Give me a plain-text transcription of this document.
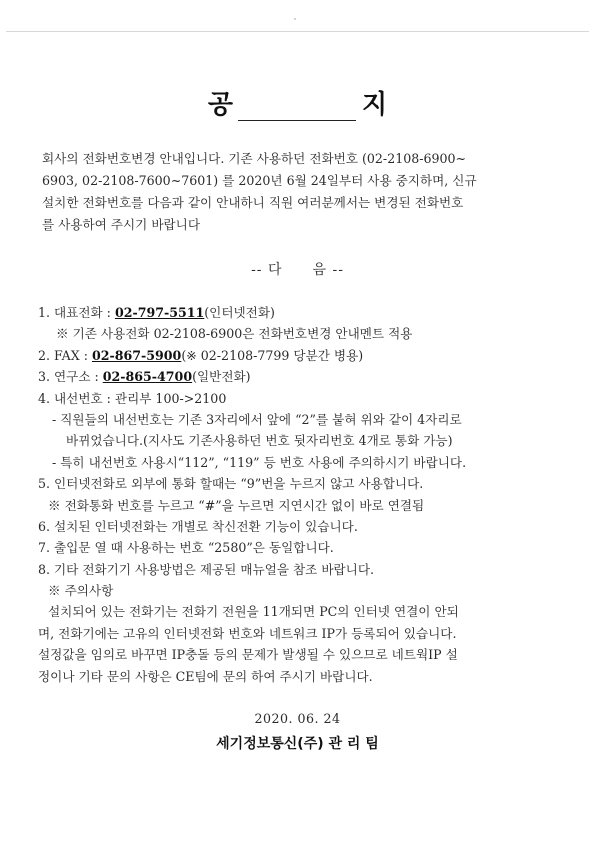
공 지
회사의 전화번호변경 안내입니다. 기존 사용하던 전화번호 (02-2108-6900~
6903, 02-2108-7600~7601) 를 2020년 6월 24일부터 사용 중지하며, 신규
설치한 전화번호를 다음과 같이 안내하니 직원 여러분께서는 변경된 전화번호
를 사용하여 주시기 바랍니다
-- 다 음 --
1. 대표전화 : 02-797-5511(인터넷전화)
※ 기존 사용전화 02-2108-6900은 전화번호변경 안내멘트 적용
2. FAX : 02-867-5900(※ 02-2108-7799 당분간 병용)
3. 연구소 : 02-865-4700(일반전화)
4. 내선번호 : 관리부 100->2100
- 직원들의 내선번호는 기존 3자리에서 앞에 “2”를 붙혀 위와 같이 4자리로
바뀌었습니다.(지사도 기존사용하던 번호 뒷자리번호 4개로 통화 가능)
- 특히 내선번호 사용시“112”, “119” 등 번호 사용에 주의하시기 바랍니다.
5. 인터넷전화로 외부에 통화 할때는 “9”번을 누르지 않고 사용합니다.
※ 전화통화 번호를 누르고 “#”을 누르면 지연시간 없이 바로 연결됨
6. 설치된 인터넷전화는 개별로 착신전환 기능이 있습니다.
7. 출입문 열 때 사용하는 번호 “2580”은 동일합니다.
8. 기타 전화기기 사용방법은 제공된 매뉴얼을 참조 바랍니다.
※ 주의사항
설치되어 있는 전화기는 전화기 전원을 11개되면 PC의 인터넷 연결이 안되
며, 전화기에는 고유의 인터넷전화 번호와 네트워크 IP가 등록되어 있습니다.
설정값을 임의로 바꾸면 IP충돌 등의 문제가 발생될 수 있으므로 네트웍IP 설
정이나 기타 문의 사항은 CE팀에 문의 하여 주시기 바랍니다.
2020. 06. 24
세기정보통신(주) 관 리 팀
